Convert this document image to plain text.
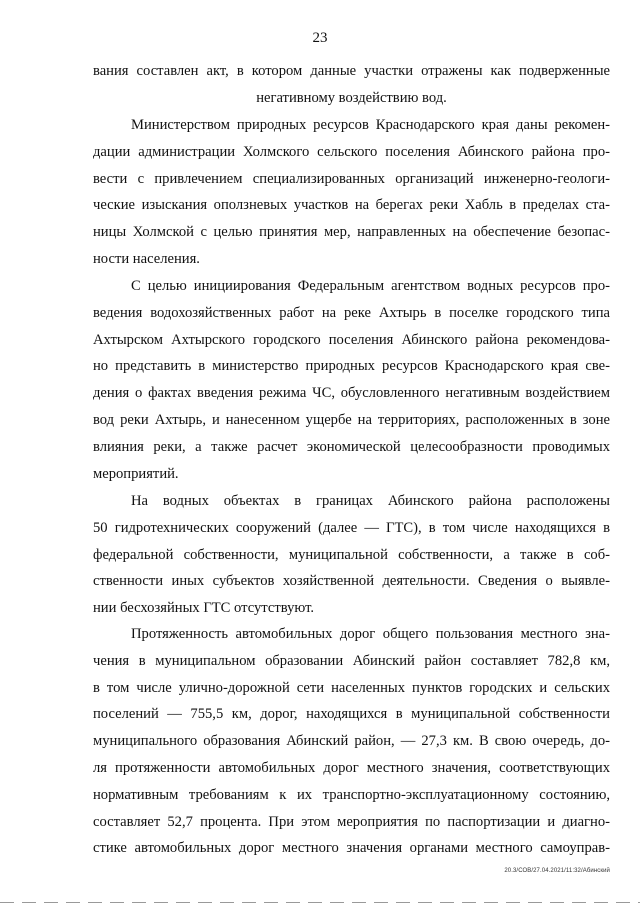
23
вания составлен акт, в котором данные участки отражены как подверженные
негативному воздействию вод.
Министерством природных ресурсов Краснодарского края даны рекомен-
дации администрации Холмского сельского поселения Абинского района про-
вести с привлечением специализированных организаций инженерно-геологи-
ческие изыскания оползневых участков на берегах реки Хабль в пределах ста-
ницы Холмской с целью принятия мер, направленных на обеспечение безопас-
ности населения.
С целью инициирования Федеральным агентством водных ресурсов про-
ведения водохозяйственных работ на реке Ахтырь в поселке городского типа
Ахтырском Ахтырского городского поселения Абинского района рекомендова-
но представить в министерство природных ресурсов Краснодарского края све-
дения о фактах введения режима ЧС, обусловленного негативным воздействием
вод реки Ахтырь, и нанесенном ущербе на территориях, расположенных в зоне
влияния реки, а также расчет экономической целесообразности проводимых
мероприятий.
На водных объектах в границах Абинского района расположены
50 гидротехнических сооружений (далее — ГТС), в том числе находящихся в
федеральной собственности, муниципальной собственности, а также в соб-
ственности иных субъектов хозяйственной деятельности. Сведения о выявле-
нии бесхозяйных ГТС отсутствуют.
Протяженность автомобильных дорог общего пользования местного зна-
чения в муниципальном образовании Абинский район составляет 782,8 км,
в том числе улично-дорожной сети населенных пунктов городских и сельских
поселений — 755,5 км, дорог, находящихся в муниципальной собственности
муниципального образования Абинский район, — 27,3 км. В свою очередь, до-
ля протяженности автомобильных дорог местного значения, соответствующих
нормативным требованиям к их транспортно-эксплуатационному состоянию,
составляет 52,7 процента. При этом мероприятия по паспортизации и диагно-
стике автомобильных дорог местного значения органами местного самоуправ-
20.3/СОВ/27.04.2021/11:32/Абинский
